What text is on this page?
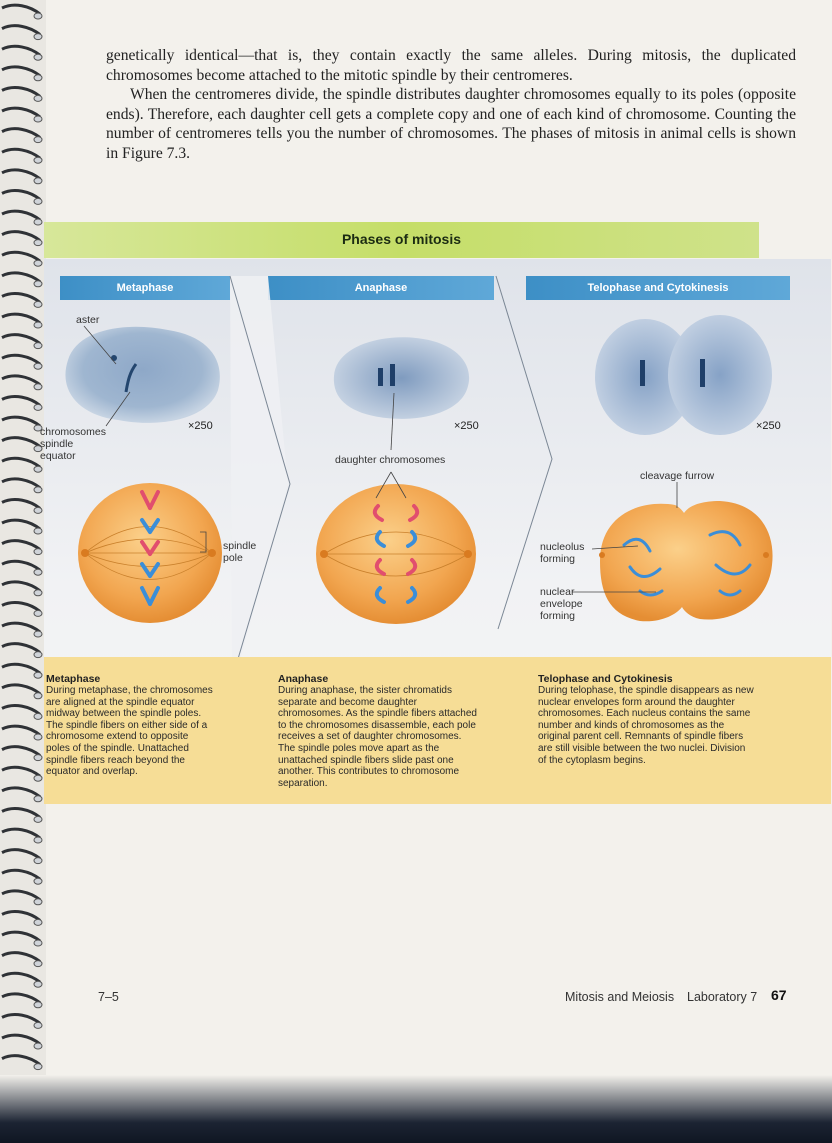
genetically identical—that is, they contain exactly the same alleles. During mitosis, the duplicated chromosomes become attached to the mitotic spindle by their centromeres.

When the centromeres divide, the spindle distributes daughter chromosomes equally to its poles (opposite ends). Therefore, each daughter cell gets a complete copy and one of each kind of chromosome. Counting the number of centromeres tells you the number of chromosomes. The phases of mitosis in animal cells is shown in Figure 7.3.

Phases of mitosis
Metaphase	Anaphase	Telophase and Cytokinesis
aster
chromosomes
spindle
equator
×250
spindle
pole
×250
daughter chromosomes
×250
cleavage furrow
nucleolus
forming
nuclear
envelope
forming
Metaphase

During metaphase, the chromosomes are aligned at the spindle equator midway between the spindle poles. The spindle fibers on either side of a chromosome extend to opposite poles of the spindle. Unattached spindle fibers reach beyond the equator and overlap.

Anaphase

During anaphase, the sister chromatids separate and become daughter chromosomes. As the spindle fibers attached to the chromosomes disassemble, each pole receives a set of daughter chromosomes. The spindle poles move apart as the unattached spindle fibers slide past one another. This contributes to chromosome separation.

Telophase and Cytokinesis

During telophase, the spindle disappears as new nuclear envelopes form around the daughter chromosomes. Each nucleus contains the same number and kinds of chromosomes as the original parent cell. Remnants of spindle fibers are still visible between the two nuclei. Division of the cytoplasm begins.

7–5	Mitosis and Meiosis Laboratory 7 67
